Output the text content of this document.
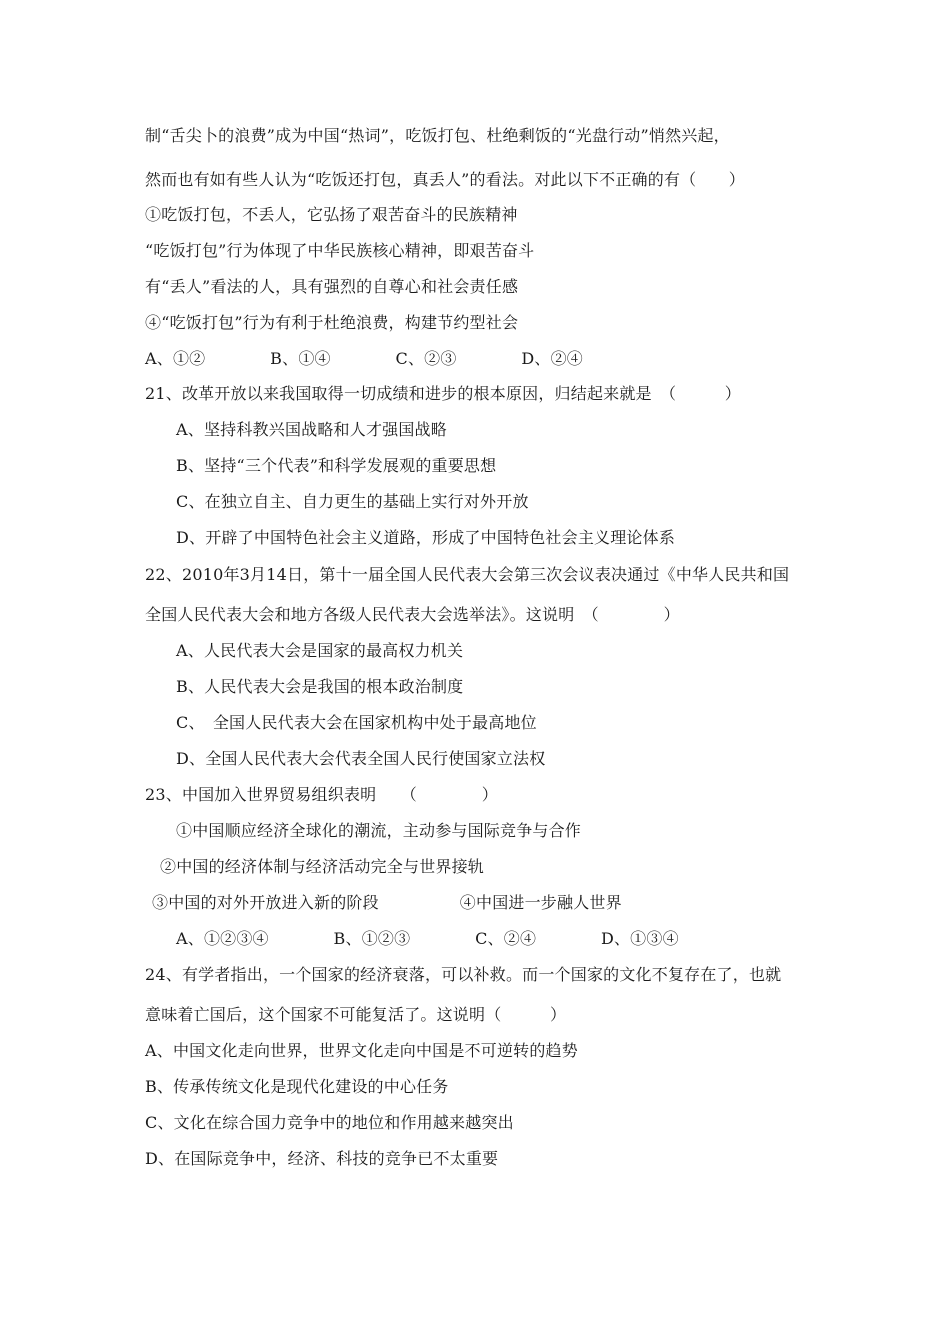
制“舌尖卜的浪费”成为中国“热词”，吃饭打包、杜绝剩饭的“光盘行动”悄然兴起，
然而也有如有些人认为“吃饭还打包，真丢人”的看法。对此以下不正确的有（　　）
①吃饭打包，不丢人，它弘扬了艰苦奋斗的民族精神
“吃饭打包”行为体现了中华民族核心精神，即艰苦奋斗
有“丢人”看法的人，具有强烈的自尊心和社会责任感
④“吃饭打包”行为有利于杜绝浪费，构建节约型社会
A、①②　　　　B、①④　　　　C、②③　　　　D、②④
21、改革开放以来我国取得一切成绩和进步的根本原因，归结起来就是　（　　　）
A、坚持科教兴国战略和人才强国战略
B、坚持“三个代表”和科学发展观的重要思想
C、在独立自主、自力更生的基础上实行对外开放
D、开辟了中国特色社会主义道路，形成了中国特色社会主义理论体系
22、2010年3月14日，第十一届全国人民代表大会第三次会议表决通过《中华人民共和国
全国人民代表大会和地方各级人民代表大会选举法》。这说明　（　　　　）
A、人民代表大会是国家的最高权力机关
B、人民代表大会是我国的根本政治制度
C、　全国人民代表大会在国家机构中处于最高地位
D、全国人民代表大会代表全国人民行使国家立法权
23、中国加入世界贸易组织表明　　（　　　　）
①中国顺应经济全球化的潮流，主动参与国际竞争与合作
②中国的经济体制与经济活动完全与世界接轨
③中国的对外开放进入新的阶段　　　　　④中国进一步融人世界
A、①②③④　　　　B、①②③　　　　C、②④　　　　D、①③④
24、有学者指出，一个国家的经济衰落，可以补救。而一个国家的文化不复存在了，也就
意味着亡国后，这个国家不可能复活了。这说明（　　　）
A、中国文化走向世界，世界文化走向中国是不可逆转的趋势
B、传承传统文化是现代化建设的中心任务
C、文化在综合国力竞争中的地位和作用越来越突出
D、在国际竞争中，经济、科技的竞争已不太重要
